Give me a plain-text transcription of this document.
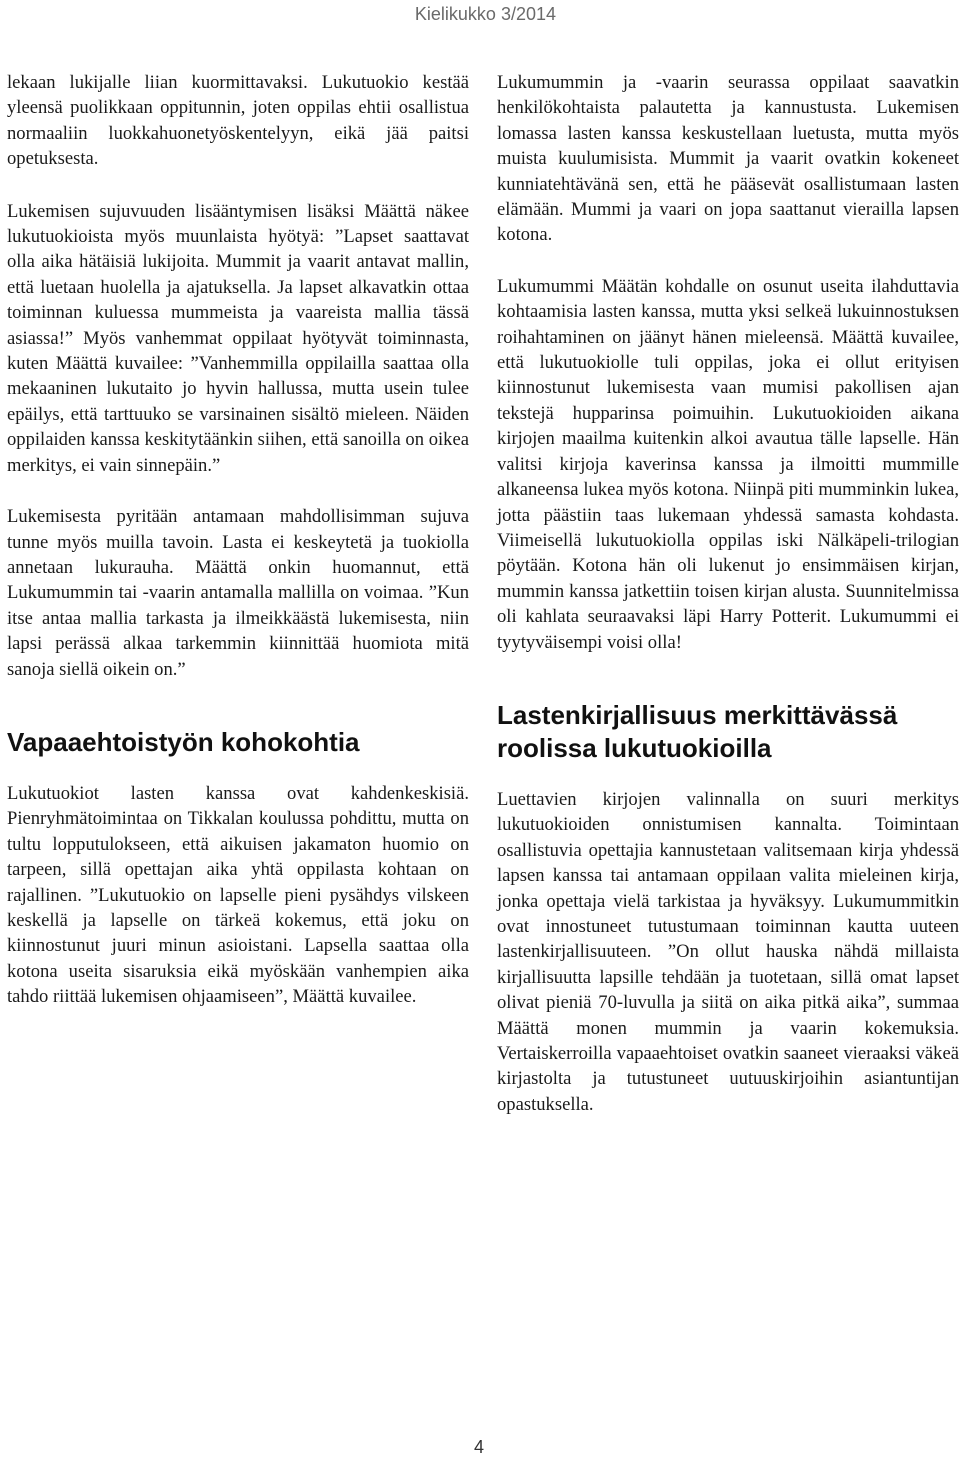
Kielikukko 3/2014

lekaan lukijalle liian kuormittavaksi. Lukutuokio kestää yleensä puolikkaan oppitunnin, joten oppilas ehtii osallistua normaaliin luokkahuonetyöskentelyyn, eikä jää paitsi opetuksesta.

Lukemisen sujuvuuden lisääntymisen lisäksi Määttä näkee lukutuokioista myös muunlaista hyötyä: ”Lapset saattavat olla aika hätäisiä lukijoita. Mummit ja vaarit antavat mallin, että luetaan huolella ja ajatuksella. Ja lapset alkavatkin ottaa toiminnan kuluessa mummeista ja vaareista mallia tässä asiassa!” Myös vanhemmat oppilaat hyötyvät toiminnasta, kuten Määttä kuvailee: ”Vanhemmilla oppilailla saattaa olla mekaaninen lukutaito jo hyvin hallussa, mutta usein tulee epäilys, että tarttuuko se varsinainen sisältö mieleen. Näiden oppilaiden kanssa keskitytäänkin siihen, että sanoilla on oikea merkitys, ei vain sinnepäin.”

Lukemisesta pyritään antamaan mahdollisimman sujuva tunne myös muilla tavoin. Lasta ei keskeytetä ja tuokiolla annetaan lukurauha. Määttä onkin huomannut, että Lukumummin tai -vaarin antamalla mallilla on voimaa. ”Kun itse antaa mallia tarkasta ja ilmeikkäästä lukemisesta, niin lapsi perässä alkaa tarkemmin kiinnittää huomiota mitä sanoja siellä oikein on.”

Vapaaehtoistyön kohokohtia

Lukutuokiot lasten kanssa ovat kahdenkeskisiä. Pienryhmätoimintaa on Tikkalan koulussa pohdittu, mutta on tultu lopputulokseen, että aikuisen jakamaton huomio on tarpeen, sillä opettajan aika yhtä oppilasta kohtaan on rajallinen. ”Lukutuokio on lapselle pieni pysähdys vilskeen keskellä ja lapselle on tärkeä kokemus, että joku on kiinnostunut juuri minun asioistani. Lapsella saattaa olla kotona useita sisaruksia eikä myöskään vanhempien aika tahdo riittää lukemisen ohjaamiseen”, Määttä kuvailee.

Lukumummin ja -vaarin seurassa oppilaat saavatkin henkilökohtaista palautetta ja kannustusta. Lukemisen lomassa lasten kanssa keskustellaan luetusta, mutta myös muista kuulumisista. Mummit ja vaarit ovatkin kokeneet kunniatehtävänä sen, että he pääsevät osallistumaan lasten elämään. Mummi ja vaari on jopa saattanut vierailla lapsen kotona.

Lukumummi Määtän kohdalle on osunut useita ilahduttavia kohtaamisia lasten kanssa, mutta yksi selkeä lukuinnostuksen roihahtaminen on jäänyt hänen mieleensä. Määttä kuvailee, että lukutuokiolle tuli oppilas, joka ei ollut erityisen kiinnostunut lukemisesta vaan mumisi pakollisen ajan tekstejä hupparinsa poimuihin. Lukutuokioiden aikana kirjojen maailma kuitenkin alkoi avautua tälle lapselle. Hän valitsi kirjoja kaverinsa kanssa ja ilmoitti mummille alkaneensa lukea myös kotona. Niinpä piti mumminkin lukea, jotta päästiin taas lukemaan yhdessä samasta kohdasta. Viimeisellä lukutuokiolla oppilas iski Nälkäpeli-trilogian pöytään. Kotona hän oli lukenut jo ensimmäisen kirjan, mummin kanssa jatkettiin toisen kirjan alusta. Suunnitelmissa oli kahlata seuraavaksi läpi Harry Potterit. Lukumummi ei tyytyväisempi voisi olla!

Lastenkirjallisuus merkittävässä roolissa lukutuokioilla

Luettavien kirjojen valinnalla on suuri merkitys lukutuokioiden onnistumisen kannalta. Toimintaan osallistuvia opettajia kannustetaan valitsemaan kirja yhdessä lapsen kanssa tai antamaan oppilaan valita mieleinen kirja, jonka opettaja vielä tarkistaa ja hyväksyy. Lukumummitkin ovat innostuneet tutustumaan toiminnan kautta uuteen lastenkirjallisuuteen. ”On ollut hauska nähdä millaista kirjallisuutta lapsille tehdään ja tuotetaan, sillä omat lapset olivat pieniä 70-luvulla ja siitä on aika pitkä aika”, summaa Määttä monen mummin ja vaarin kokemuksia. Vertaiskerroilla vapaaehtoiset ovatkin saaneet vieraaksi väkeä kirjastolta ja tutustuneet uutuuskirjoihin asiantuntijan opastuksella.

4
